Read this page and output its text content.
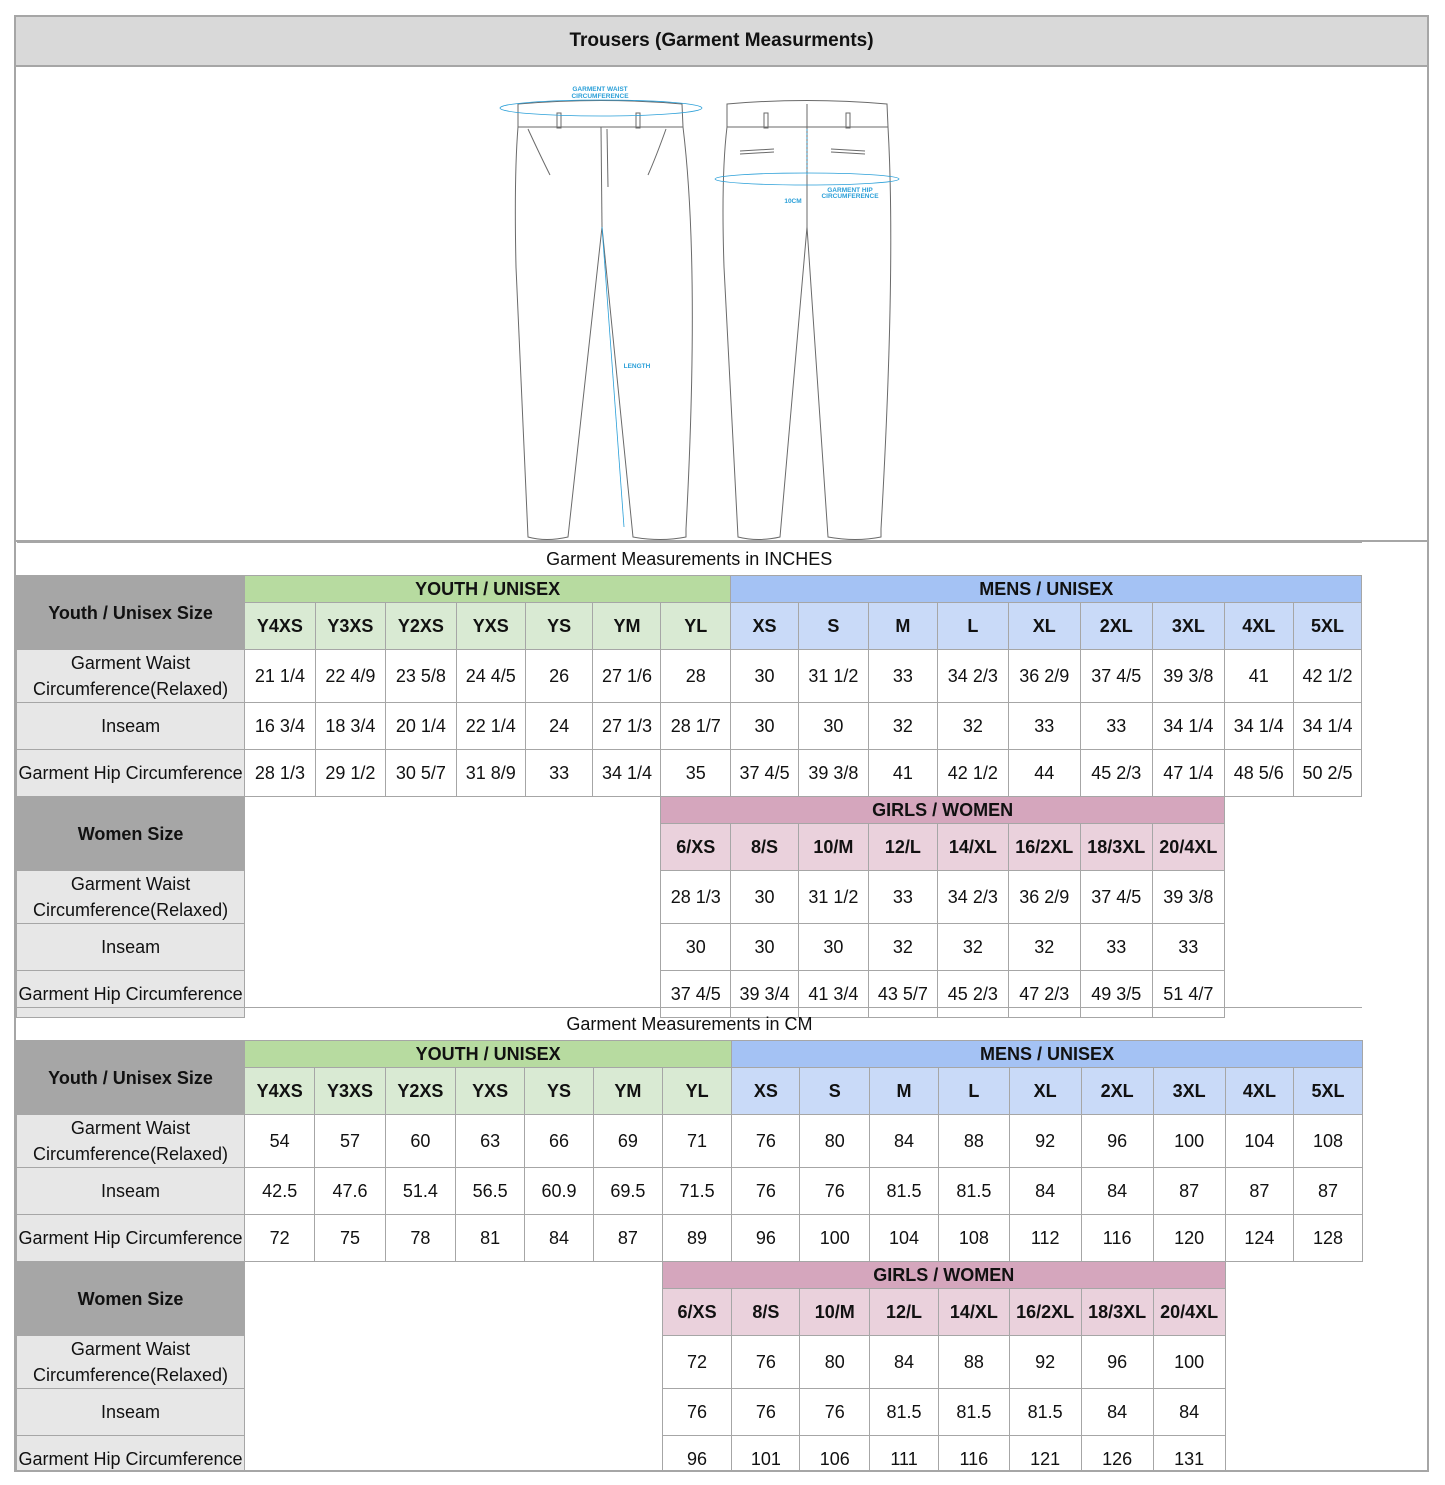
Trousers (Garment Measurments)
GARMENT WAIST
CIRCUMFERENCE
LENGTH
GARMENT HIP
CIRCUMFERENCE
10CM
Garment Measurements in INCHES																
Youth / Unisex Size	YOUTH / UNISEX							MENS / UNISEX								
	Y4XS	Y3XS	Y2XS	YXS	YS	YM	YL	XS	S	M	L	XL	2XL	3XL	4XL	5XL
Garment Waist Circumference(Relaxed)	21 1/4	22 4/9	23 5/8	24 4/5	26	27 1/6	28	30	31 1/2	33	34 2/3	36 2/9	37 4/5	39 3/8	41	42 1/2
Inseam	16 3/4	18 3/4	20 1/4	22 1/4	24	27 1/3	28 1/7	30	30	32	32	33	33	34 1/4	34 1/4	34 1/4
Garment Hip Circumference	28 1/3	29 1/2	30 5/7	31 8/9	33	34 1/4	35	37 4/5	39 3/8	41	42 1/2	44	45 2/3	47 1/4	48 5/6	50 2/5
Women Size							GIRLS / WOMEN									
							6/XS	8/S	10/M	12/L	14/XL	16/2XL	18/3XL	20/4XL		
Garment Waist Circumference(Relaxed)							28 1/3	30	31 1/2	33	34 2/3	36 2/9	37 4/5	39 3/8		
Inseam							30	30	30	32	32	32	33	33		
Garment Hip Circumference							37 4/5	39 3/4	41 3/4	43 5/7	45 2/3	47 2/3	49 3/5	51 4/7		
Garment Measurements in CM																
Youth / Unisex Size	YOUTH / UNISEX							MENS / UNISEX								
	Y4XS	Y3XS	Y2XS	YXS	YS	YM	YL	XS	S	M	L	XL	2XL	3XL	4XL	5XL
Garment Waist Circumference(Relaxed)	54	57	60	63	66	69	71	76	80	84	88	92	96	100	104	108
Inseam	42.5	47.6	51.4	56.5	60.9	69.5	71.5	76	76	81.5	81.5	84	84	87	87	87
Garment Hip Circumference	72	75	78	81	84	87	89	96	100	104	108	112	116	120	124	128
Women Size							GIRLS / WOMEN									
							6/XS	8/S	10/M	12/L	14/XL	16/2XL	18/3XL	20/4XL		
Garment Waist Circumference(Relaxed)							72	76	80	84	88	92	96	100		
Inseam							76	76	76	81.5	81.5	81.5	84	84		
Garment Hip Circumference							96	101	106	111	116	121	126	131		
